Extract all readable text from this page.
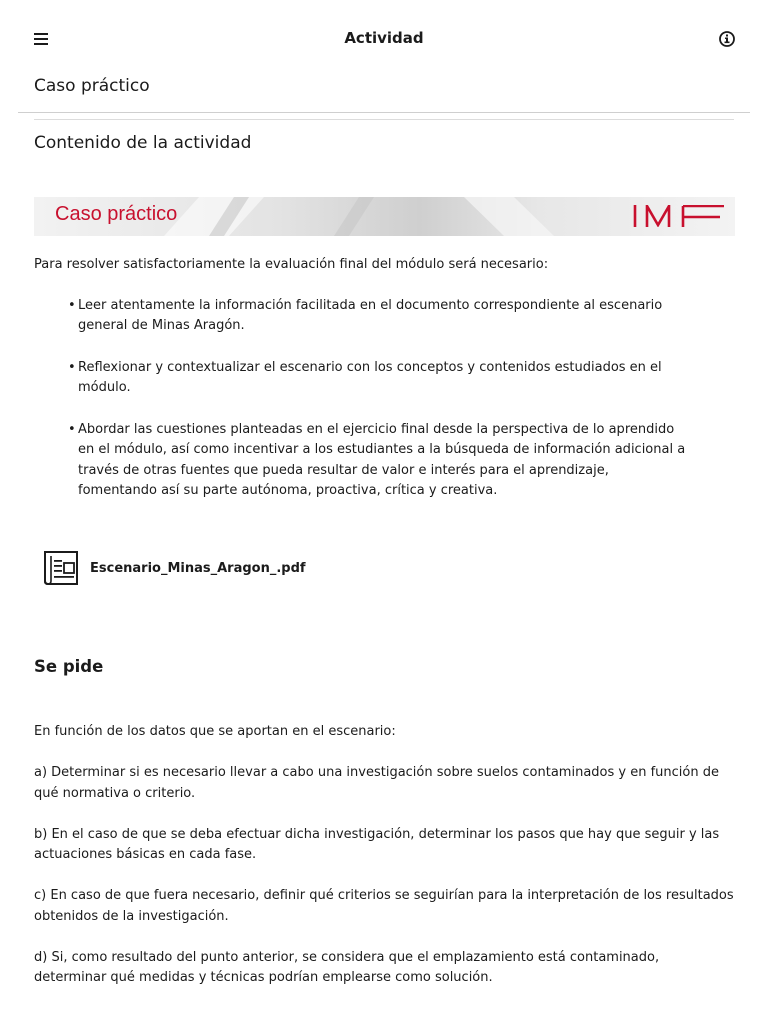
Actividad
Caso práctico
Contenido de la actividad
Caso práctico

Para resolver satisfactoriamente la evaluación final del módulo será necesario:

• Leer atentamente la información facilitada en el documento correspondiente al escenario general de Minas Aragón.
• Reflexionar y contextualizar el escenario con los conceptos y contenidos estudiados en el módulo.
• Abordar las cuestiones planteadas en el ejercicio final desde la perspectiva de lo aprendido en el módulo, así como incentivar a los estudiantes a la búsqueda de información adicional a través de otras fuentes que pueda resultar de valor e interés para el aprendizaje, fomentando así su parte autónoma, proactiva, crítica y creativa.
Escenario_Minas_Aragon_.pdf
Se pide

En función de los datos que se aportan en el escenario:

a) Determinar si es necesario llevar a cabo una investigación sobre suelos contaminados y en función de qué normativa o criterio.

b) En el caso de que se deba efectuar dicha investigación, determinar los pasos que hay que seguir y las actuaciones básicas en cada fase.

c) En caso de que fuera necesario, definir qué criterios se seguirían para la interpretación de los resultados obtenidos de la investigación.

d) Si, como resultado del punto anterior, se considera que el emplazamiento está contaminado, determinar qué medidas y técnicas podrían emplearse como solución.
